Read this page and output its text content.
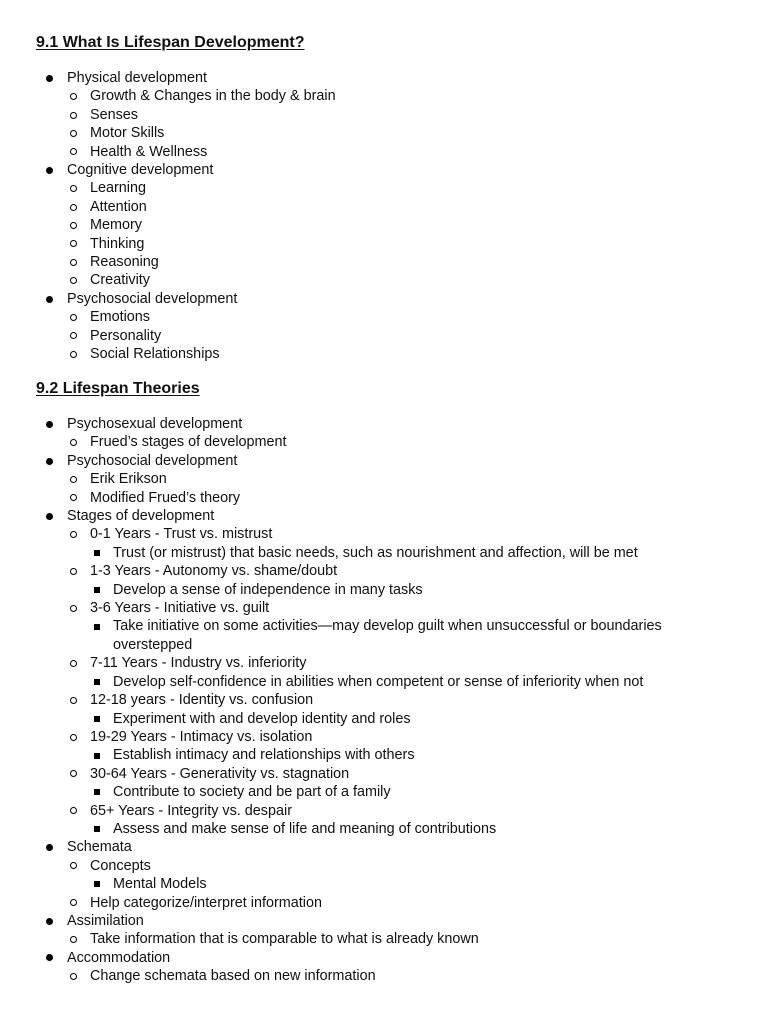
9.1 What Is Lifespan Development?
Physical development
Growth & Changes in the body & brain
Senses
Motor Skills
Health & Wellness
Cognitive development
Learning
Attention
Memory
Thinking
Reasoning
Creativity
Psychosocial development
Emotions
Personality
Social Relationships
9.2 Lifespan Theories
Psychosexual development
Frued’s stages of development
Psychosocial development
Erik Erikson
Modified Frued’s theory
Stages of development
0-1 Years - Trust vs. mistrust
Trust (or mistrust) that basic needs, such as nourishment and affection, will be met
1-3 Years - Autonomy vs. shame/doubt
Develop a sense of independence in many tasks
3-6 Years - Initiative vs. guilt
Take initiative on some activities—may develop guilt when unsuccessful or boundaries overstepped
7-11 Years - Industry vs. inferiority
Develop self-confidence in abilities when competent or sense of inferiority when not
12-18 years - Identity vs. confusion
Experiment with and develop identity and roles
19-29 Years - Intimacy vs. isolation
Establish intimacy and relationships with others
30-64 Years - Generativity vs. stagnation
Contribute to society and be part of a family
65+ Years - Integrity vs. despair
Assess and make sense of life and meaning of contributions
Schemata
Concepts
Mental Models
Help categorize/interpret information
Assimilation
Take information that is comparable to what is already known
Accommodation
Change schemata based on new information
